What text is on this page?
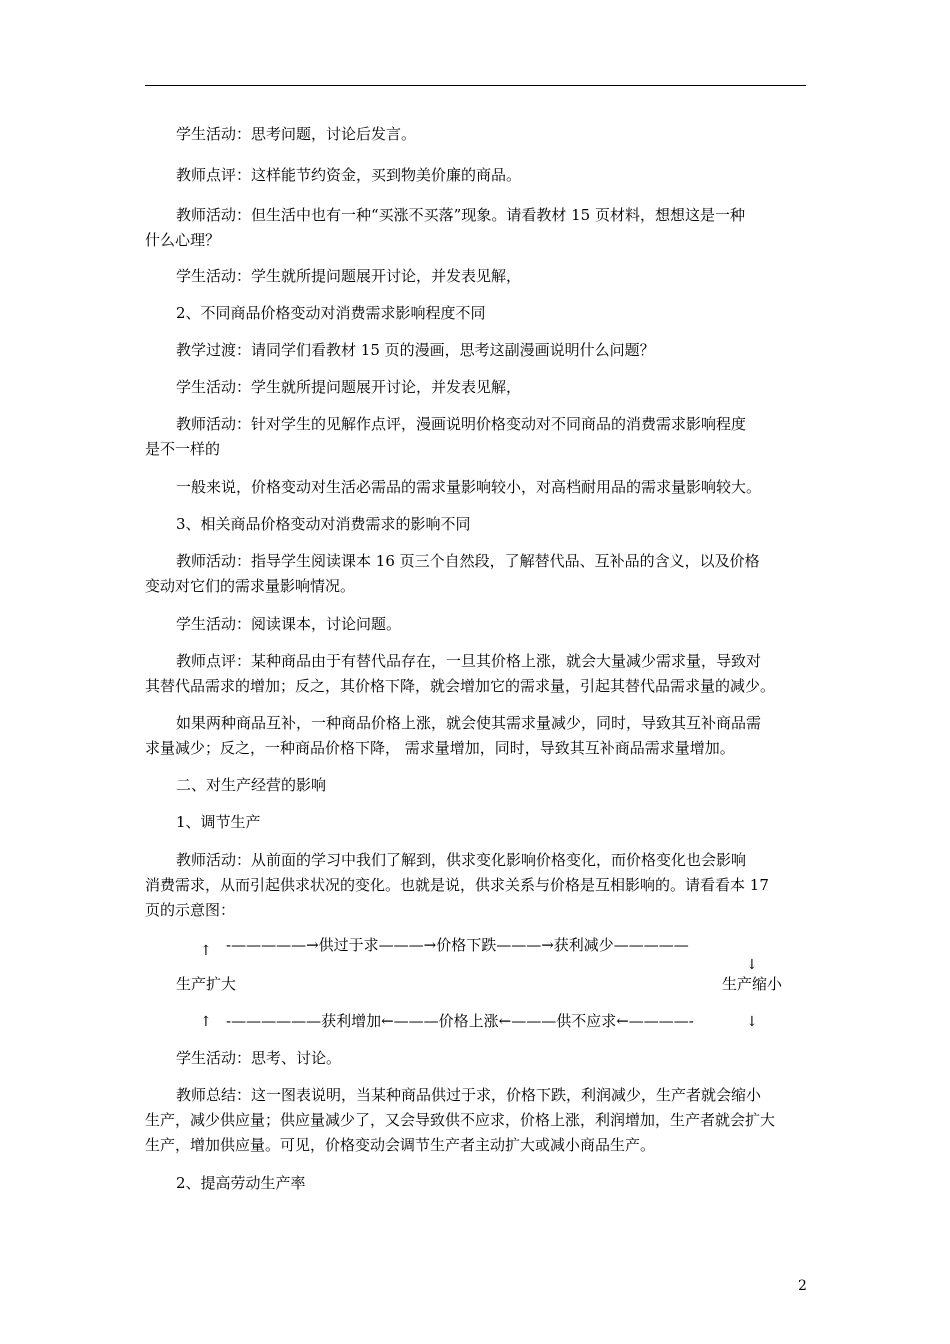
学生活动：思考问题，讨论后发言。
教师点评：这样能节约资金，买到物美价廉的商品。
教师活动：但生活中也有一种“买涨不买落”现象。请看教材 15 页材料，想想这是一种
什么心理？
学生活动：学生就所提问题展开讨论，并发表见解，
2、不同商品价格变动对消费需求影响程度不同
教学过渡：请同学们看教材 15 页的漫画，思考这副漫画说明什么问题？
学生活动：学生就所提问题展开讨论，并发表见解，
教师活动：针对学生的见解作点评，漫画说明价格变动对不同商品的消费需求影响程度
是不一样的
一般来说，价格变动对生活必需品的需求量影响较小，对高档耐用品的需求量影响较大。
3、相关商品价格变动对消费需求的影响不同
教师活动：指导学生阅读课本 16 页三个自然段，了解替代品、互补品的含义，以及价格
变动对它们的需求量影响情况。
学生活动：阅读课本，讨论问题。
教师点评：某种商品由于有替代品存在，一旦其价格上涨，就会大量减少需求量，导致对
其替代品需求的增加；反之，其价格下降，就会增加它的需求量，引起其替代品需求量的减少。
如果两种商品互补，一种商品价格上涨，就会使其需求量减少，同时，导致其互补商品需
求量减少；反之，一种商品价格下降， 需求量增加，同时，导致其互补商品需求量增加。
二、对生产经营的影响
1、调节生产
教师活动：从前面的学习中我们了解到，供求变化影响价格变化，而价格变化也会影响
消费需求，从而引起供求状况的变化。也就是说，供求关系与价格是互相影响的。请看看本 17
页的示意图：
↑ -—————→供过于求———→价格下跌———→获利减少—————
↓
生产扩大	生产缩小
↑ -——————获利增加←———价格上涨←———供不应求←————-	↓
学生活动：思考、讨论。
教师总结：这一图表说明，当某种商品供过于求，价格下跌，利润减少，生产者就会缩小
生产，减少供应量；供应量减少了，又会导致供不应求，价格上涨，利润增加，生产者就会扩大
生产，增加供应量。可见，价格变动会调节生产者主动扩大或减小商品生产。
2、提高劳动生产率
2
